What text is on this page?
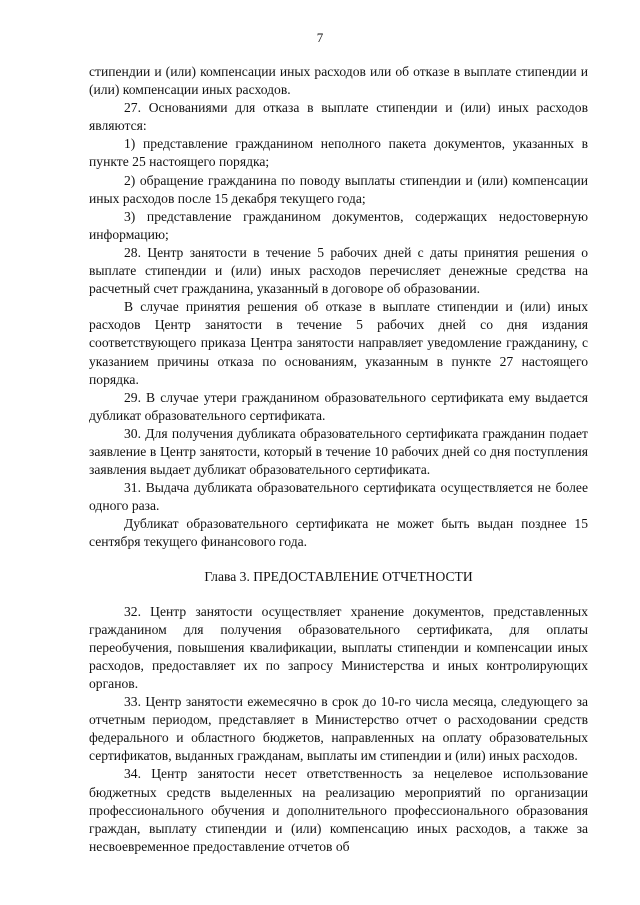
7

стипендии и (или) компенсации иных расходов или об отказе в выплате стипендии и (или) компенсации иных расходов.

27. Основаниями для отказа в выплате стипендии и (или) иных расходов являются:

1) представление гражданином неполного пакета документов, указанных в пункте 25 настоящего порядка;

2) обращение гражданина по поводу выплаты стипендии и (или) компенсации иных расходов после 15 декабря текущего года;

3) представление гражданином документов, содержащих недостоверную информацию;

28. Центр занятости в течение 5 рабочих дней с даты принятия решения о выплате стипендии и (или) иных расходов перечисляет денежные средства на расчетный счет гражданина, указанный в договоре об образовании.

В случае принятия решения об отказе в выплате стипендии и (или) иных расходов Центр занятости в течение 5 рабочих дней со дня издания соответствующего приказа Центра занятости направляет уведомление гражданину, с указанием причины отказа по основаниям, указанным в пункте 27 настоящего порядка.

29. В случае утери гражданином образовательного сертификата ему выдается дубликат образовательного сертификата.

30. Для получения дубликата образовательного сертификата гражданин подает заявление в Центр занятости, который в течение 10 рабочих дней со дня поступления заявления выдает дубликат образовательного сертификата.

31. Выдача дубликата образовательного сертификата осуществляется не более одного раза.

Дубликат образовательного сертификата не может быть выдан позднее 15 сентября текущего финансового года.

Глава 3. ПРЕДОСТАВЛЕНИЕ ОТЧЕТНОСТИ

32. Центр занятости осуществляет хранение документов, представленных гражданином для получения образовательного сертификата, для оплаты переобучения, повышения квалификации, выплаты стипендии и компенсации иных расходов, предоставляет их по запросу Министерства и иных контролирующих органов.

33. Центр занятости ежемесячно в срок до 10-го числа месяца, следующего за отчетным периодом, представляет в Министерство отчет о расходовании средств федерального и областного бюджетов, направленных на оплату образовательных сертификатов, выданных гражданам, выплаты им стипендии и (или) иных расходов.

34. Центр занятости несет ответственность за нецелевое использование бюджетных средств выделенных на реализацию мероприятий по организации профессионального обучения и дополнительного профессионального образования граждан, выплату стипендии и (или) компенсацию иных расходов, а также за несвоевременное предоставление отчетов об
